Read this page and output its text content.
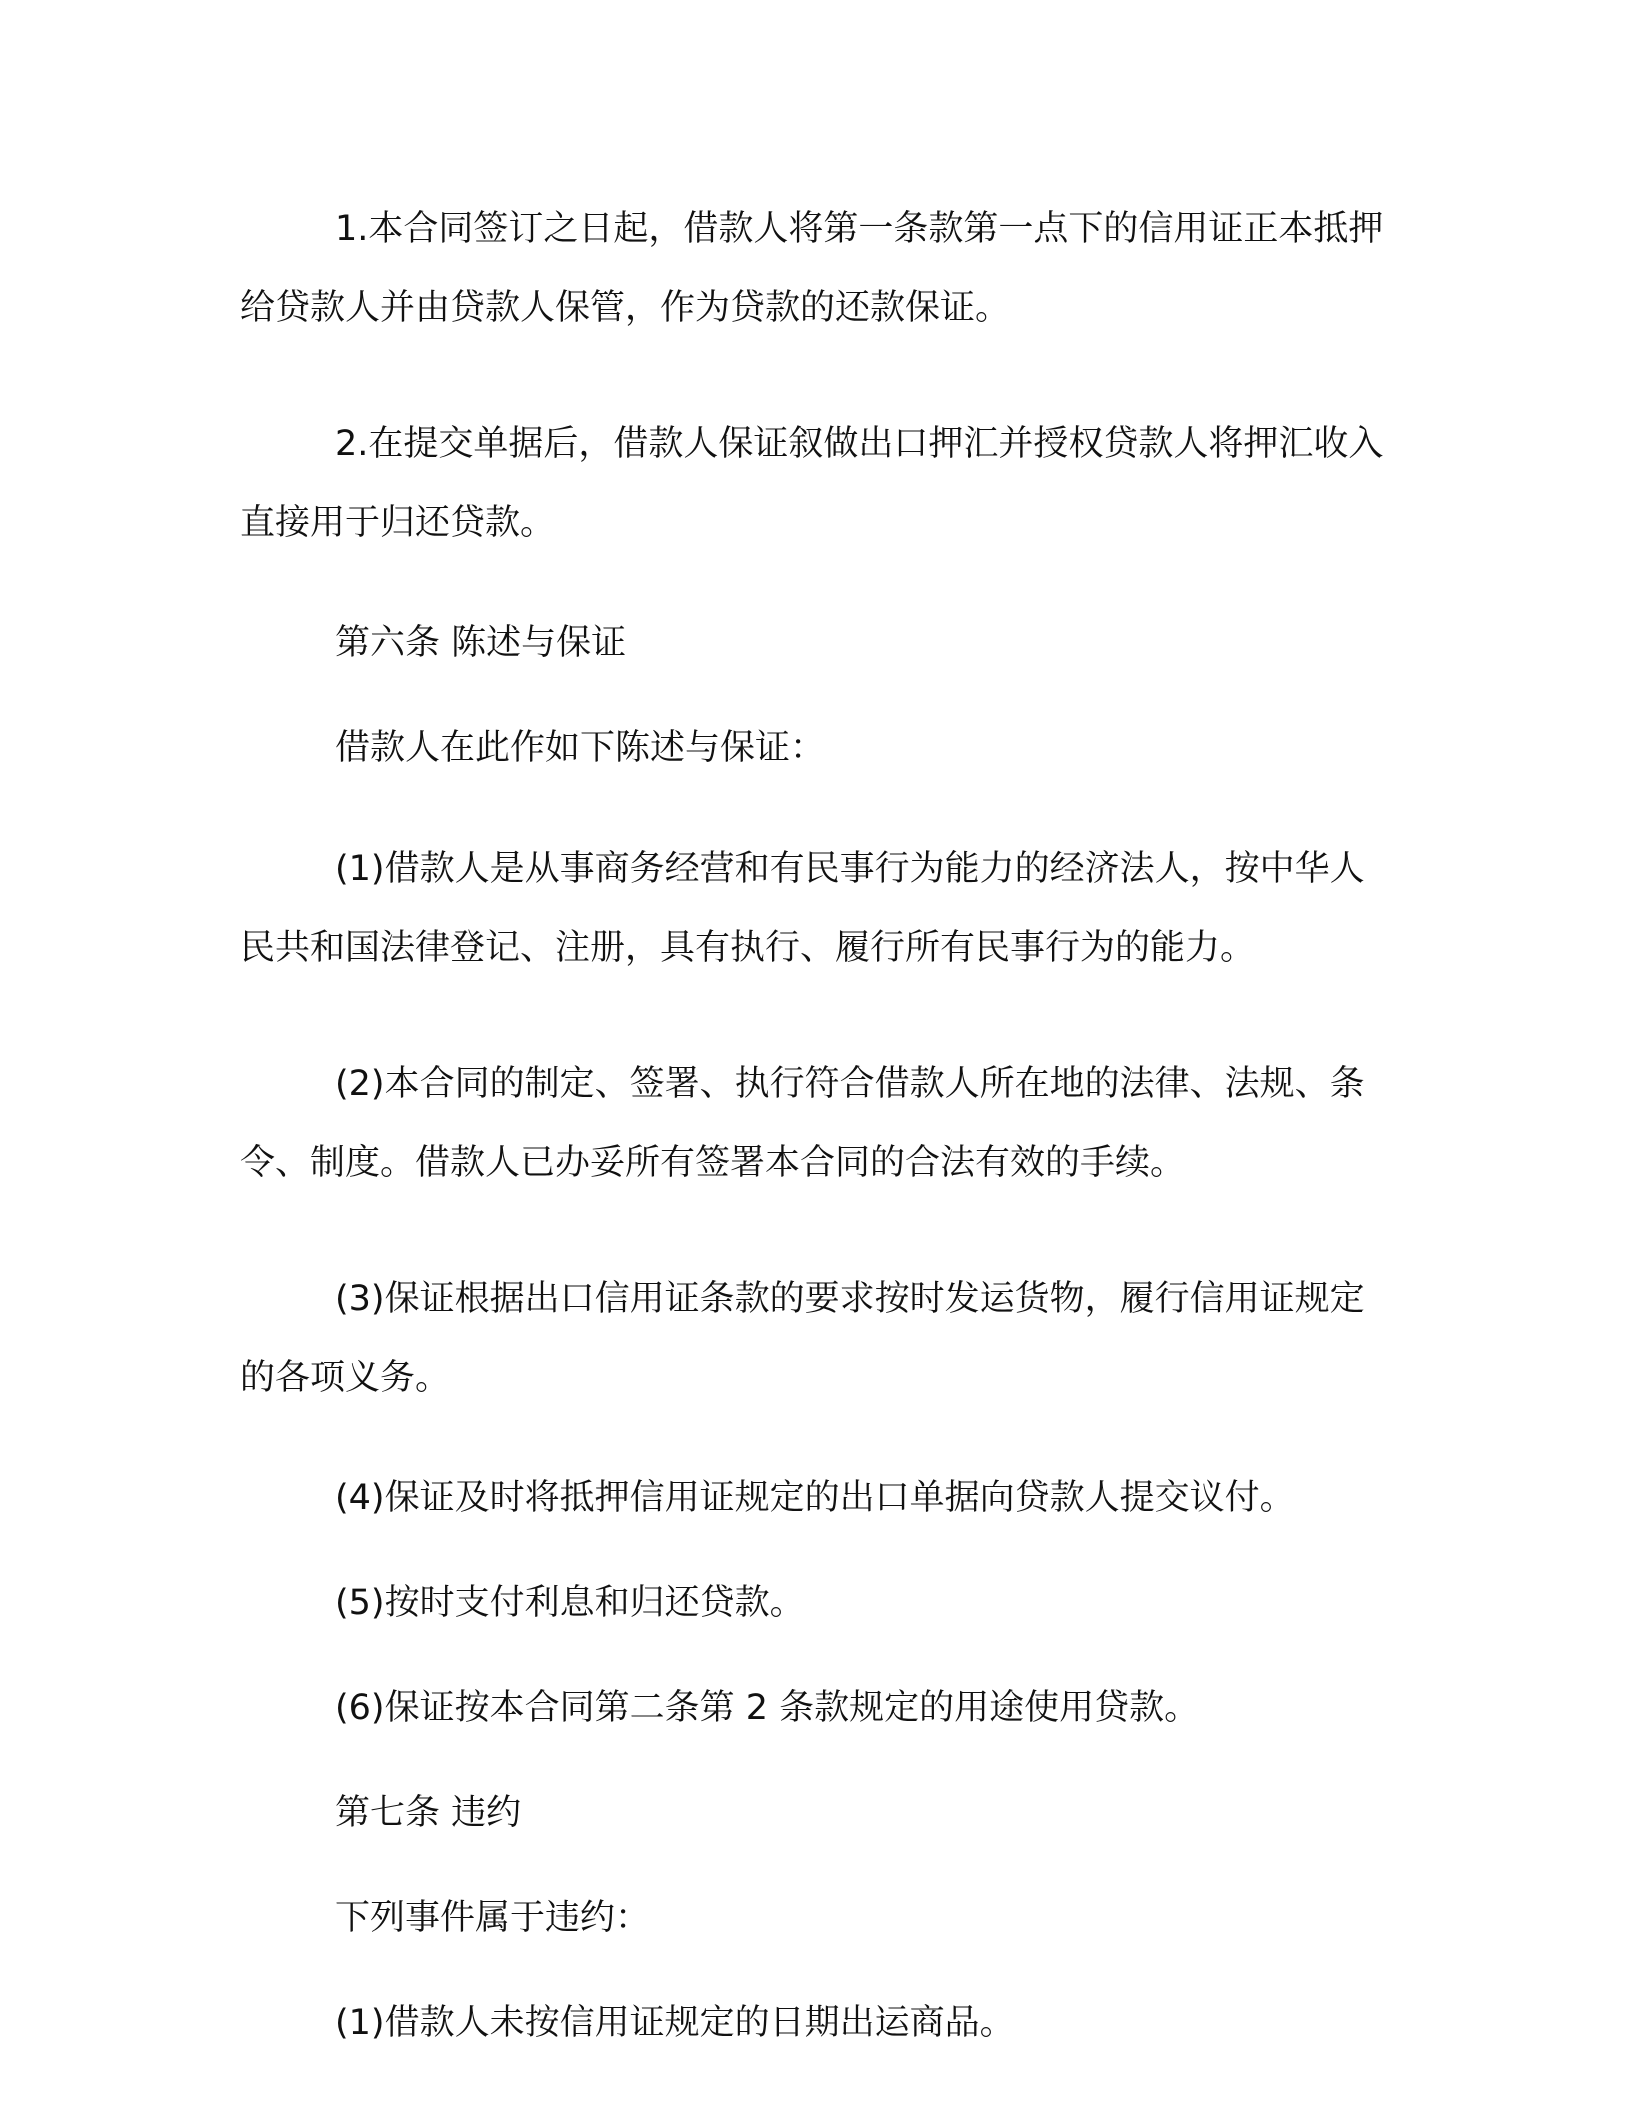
1.本合同签订之日起，借款人将第一条款第一点下的信用证正本抵押给贷款人并由贷款人保管，作为贷款的还款保证。

2.在提交单据后，借款人保证叙做出口押汇并授权贷款人将押汇收入直接用于归还贷款。

第六条 陈述与保证

借款人在此作如下陈述与保证：

(1)借款人是从事商务经营和有民事行为能力的经济法人，按中华人民共和国法律登记、注册，具有执行、履行所有民事行为的能力。

(2)本合同的制定、签署、执行符合借款人所在地的法律、法规、条令、制度。借款人已办妥所有签署本合同的合法有效的手续。

(3)保证根据出口信用证条款的要求按时发运货物，履行信用证规定的各项义务。

(4)保证及时将抵押信用证规定的出口单据向贷款人提交议付。

(5)按时支付利息和归还贷款。

(6)保证按本合同第二条第 2 条款规定的用途使用贷款。

第七条 违约

下列事件属于违约：

(1)借款人未按信用证规定的日期出运商品。
